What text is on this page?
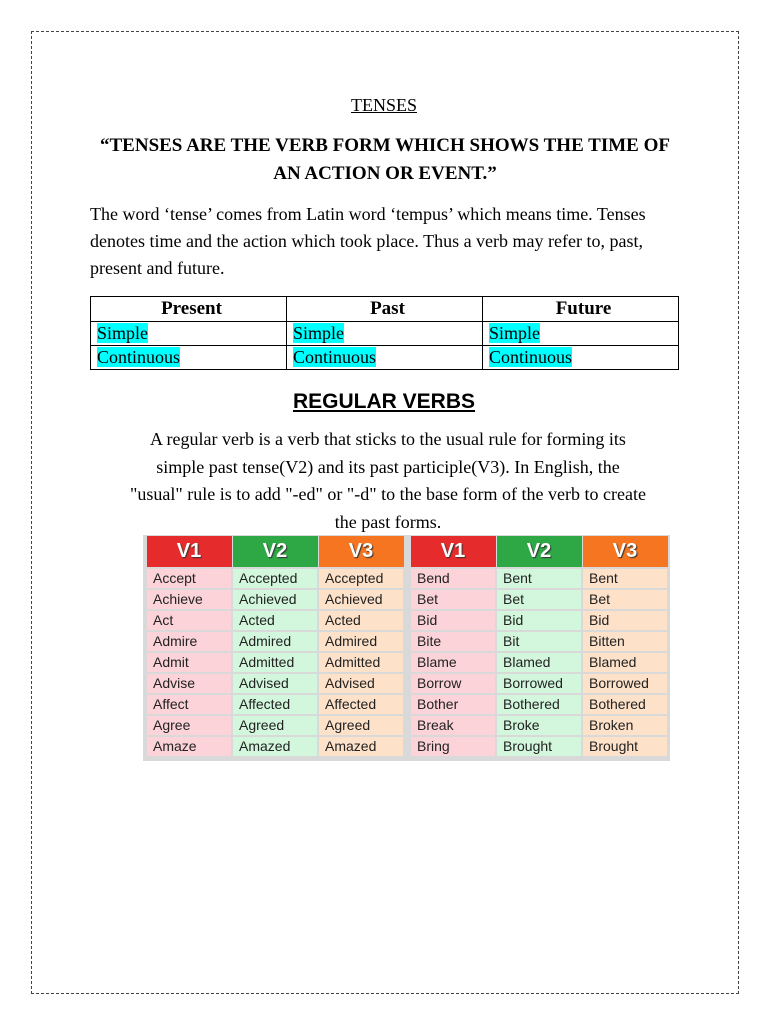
TENSES
“TENSES ARE THE VERB FORM WHICH SHOWS THE TIME OF AN ACTION OR EVENT.”
The word ‘tense’ comes from Latin word ‘tempus’ which means time. Tenses denotes time and the action which took place. Thus a verb may refer to, past, present and future.
Present	Past	Future
Simple	Simple	Simple
Continuous	Continuous	Continuous
REGULAR VERBS
A regular verb is a verb that sticks to the usual rule for forming its simple past tense(V2) and its past participle(V3). In English, the "usual" rule is to add "-ed" or "-d" to the base form of the verb to create the past forms.
V1	V2	V3
Accept	Accepted	Accepted
Achieve	Achieved	Achieved
Act	Acted	Acted
Admire	Admired	Admired
Admit	Admitted	Admitted
Advise	Advised	Advised
Affect	Affected	Affected
Agree	Agreed	Agreed
Amaze	Amazed	Amazed
V1	V2	V3
Bend	Bent	Bent
Bet	Bet	Bet
Bid	Bid	Bid
Bite	Bit	Bitten
Blame	Blamed	Blamed
Borrow	Borrowed	Borrowed
Bother	Bothered	Bothered
Break	Broke	Broken
Bring	Brought	Brought
